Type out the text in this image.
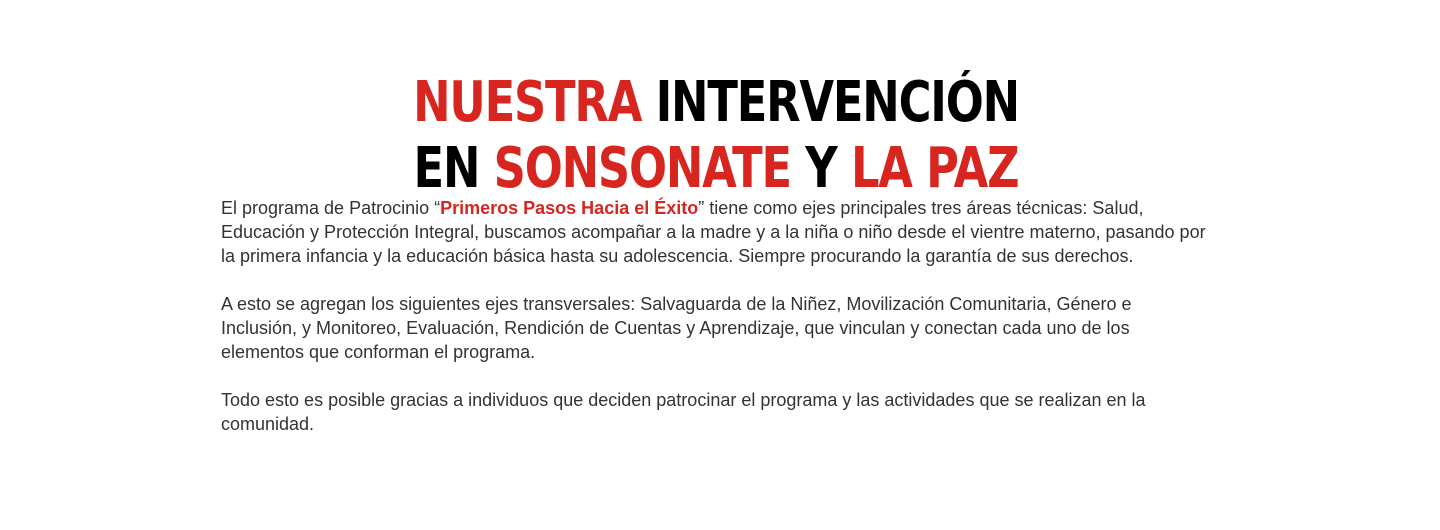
NUESTRA INTERVENCIÓN
EN SONSONATE Y LA PAZ

El programa de Patrocinio “Primeros Pasos Hacia el Éxito” tiene como ejes principales tres áreas técnicas: Salud, Educación y Protección Integral, buscamos acompañar a la madre y a la niña o niño desde el vientre materno, pasando por la primera infancia y la educación básica hasta su adolescencia. Siempre procurando la garantía de sus derechos.

A esto se agregan los siguientes ejes transversales: Salvaguarda de la Niñez, Movilización Comunitaria, Género e Inclusión, y Monitoreo, Evaluación, Rendición de Cuentas y Aprendizaje, que vinculan y conectan cada uno de los elementos que conforman el programa.

Todo esto es posible gracias a individuos que deciden patrocinar el programa y las actividades que se realizan en la comunidad.
